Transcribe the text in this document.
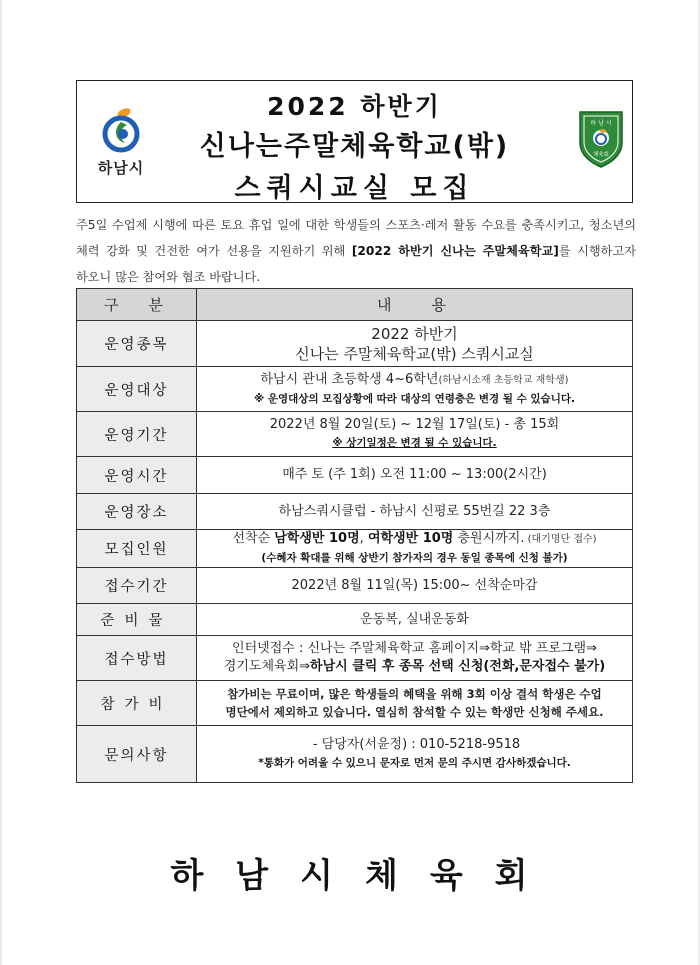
하남시
2022 하반기
신나는주말체육학교(밖)
스쿼시교실 모집
하 남 시
체육회
주5일 수업제 시행에 따른 토요 휴업 일에 대한 학생들의 스포츠·레저 활동 수요를 충족시키고, 청소년의 체력 강화 및 건전한 여가 선용을 지원하기 위해 [2022 하반기 신나는 주말체육학교]를 시행하고자 하오니 많은 참여와 협조 바랍니다.
구분	내용
운영종목	2022 하반기
신나는 주말체육학교(밖) 스쿼시교실

운영대상	하남시 관내 초등학생 4~6학년(하남시소재 초등학교 재학생)
※ 운영대상의 모집상황에 따라 대상의 연령층은 변경 될 수 있습니다.

운영기간	2022년 8월 20일(토) ~ 12월 17일(토) - 총 15회
※ 상기일정은 변경 될 수 있습니다.

운영시간	매주 토 (주 1회) 오전 11:00 ~ 13:00(2시간)
운영장소	하남스쿼시클럽 - 하남시 신평로 55번길 22 3층
모집인원	선착순 남학생반 10명, 여학생반 10명 충원시까지. (대기명단 접수)
(수혜자 확대를 위해 상반기 참가자의 경우 동일 종목에 신청 불가)

접수기간	2022년 8월 11일(목) 15:00~ 선착순마감
준비물	운동복, 실내운동화
접수방법	인터넷접수 : 신나는 주말체육학교 홈페이지⇒학교 밖 프로그램⇒
경기도체육회⇒하남시 클릭 후 종목 선택 신청(전화,문자접수 불가)

참가비	참가비는 무료이며, 많은 학생들의 혜택을 위해 3회 이상 결석 학생은 수업
명단에서 제외하고 있습니다. 열심히 참석할 수 있는 학생만 신청해 주세요.

문의사항	- 담당자(서윤정) : 010-5218-9518
*통화가 어려울 수 있으니 문자로 먼저 문의 주시면 감사하겠습니다.
하남시체육회
